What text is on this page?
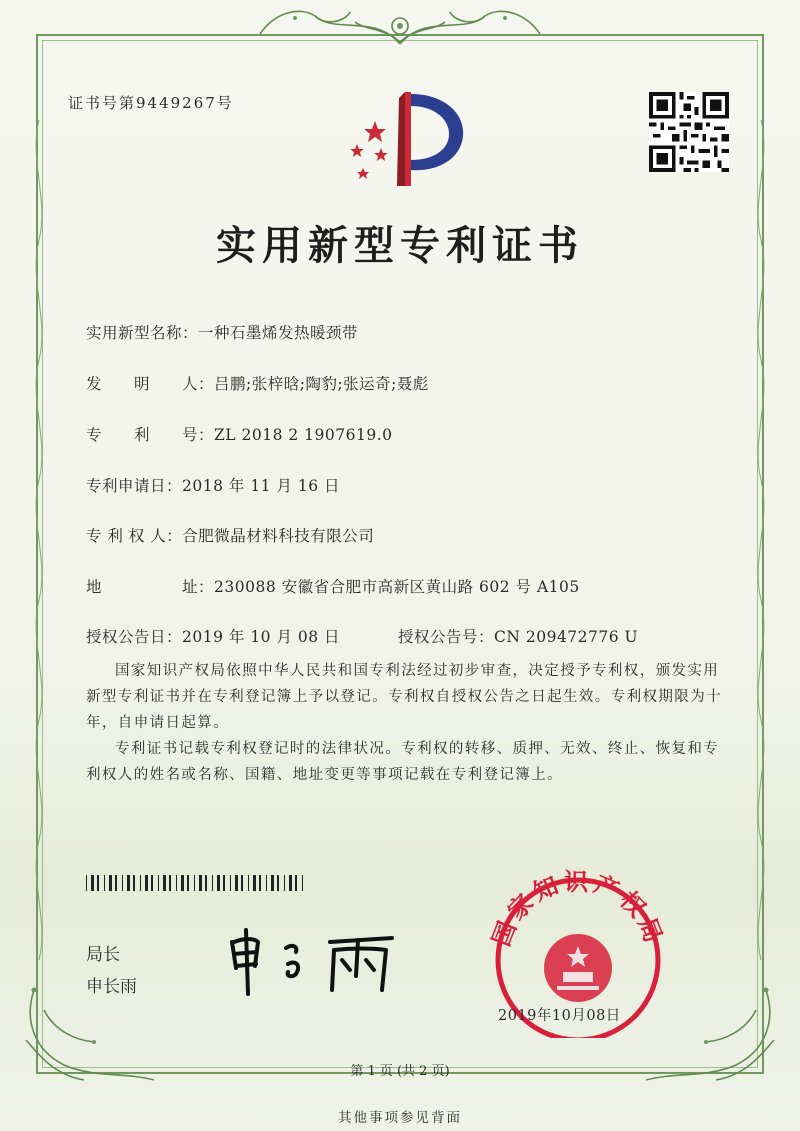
证书号第9449267号
实用新型专利证书
实用新型名称：一种石墨烯发热暖颈带
发　　明　　人：吕鹏;张梓晗;陶豹;张运奇;聂彪
专　　利　　号：ZL 2018 2 1907619.0
专利申请日：2018 年 11 月 16 日
专 利 权 人：合肥微晶材料科技有限公司
地　　　　　址：230088 安徽省合肥市高新区黄山路 602 号 A105
授权公告日：2019 年 10 月 08 日	授权公告号：CN 209472776 U
国家知识产权局依照中华人民共和国专利法经过初步审查，决定授予专利权，颁发实用新型专利证书并在专利登记簿上予以登记。专利权自授权公告之日起生效。专利权期限为十年，自申请日起算。
专利证书记载专利权登记时的法律状况。专利权的转移、质押、无效、终止、恢复和专利权人的姓名或名称、国籍、地址变更等事项记载在专利登记簿上。
局长
申长雨
国家知识产权局
2019年10月08日
第 1 页 (共 2 页)
其他事项参见背面
